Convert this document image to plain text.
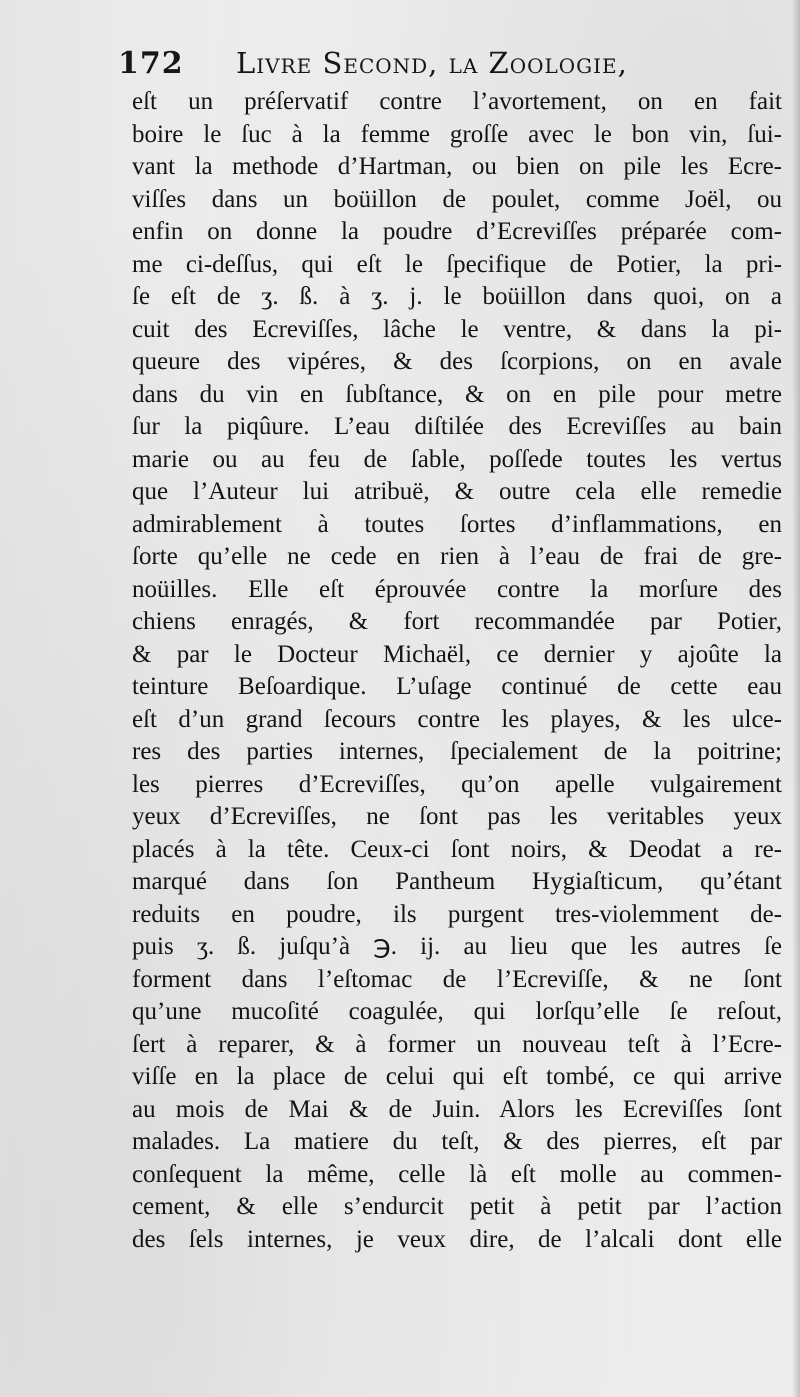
172 Livre Second, la Zoologie,
eſt un préſervatif contre l’avortement, on en fait
boire le ſuc à la femme groſſe avec le bon vin, ſui-
vant la methode d’Hartman, ou bien on pile les Ecre-
viſſes dans un boüillon de poulet, comme Joël, ou
enfin on donne la poudre d’Ecreviſſes préparée com-
me ci-deſſus, qui eſt le ſpecifique de Potier, la pri-
ſe eſt de ʒ. ß. à ʒ. j. le boüillon dans quoi, on a
cuit des Ecreviſſes, lâche le ventre, & dans la pi-
queure des vipéres, & des ſcorpions, on en avale
dans du vin en ſubſtance, & on en pile pour metre
ſur la piqûure. L’eau diſtilée des Ecreviſſes au bain
marie ou au feu de ſable, poſſede toutes les vertus
que l’Auteur lui atribuë, & outre cela elle remedie
admirablement à toutes ſortes d’inflammations, en
ſorte qu’elle ne cede en rien à l’eau de frai de gre-
noüilles. Elle eſt éprouvée contre la morſure des
chiens enragés, & fort recommandée par Potier,
& par le Docteur Michaël, ce dernier y ajoûte la
teinture Beſoardique. L’uſage continué de cette eau
eſt d’un grand ſecours contre les playes, & les ulce-
res des parties internes, ſpecialement de la poitrine;
les pierres d’Ecreviſſes, qu’on apelle vulgairement
yeux d’Ecreviſſes, ne ſont pas les veritables yeux
placés à la tête. Ceux-ci ſont noirs, & Deodat a re-
marqué dans ſon Pantheum Hygiaſticum, qu’étant
reduits en poudre, ils purgent tres-violemment de-
puis ʒ. ß. juſqu’à ℈. ij. au lieu que les autres ſe
forment dans l’eſtomac de l’Ecreviſſe, & ne ſont
qu’une mucoſité coagulée, qui lorſqu’elle ſe reſout,
ſert à reparer, & à former un nouveau teſt à l’Ecre-
viſſe en la place de celui qui eſt tombé, ce qui arrive
au mois de Mai & de Juin. Alors les Ecreviſſes ſont
malades. La matiere du teſt, & des pierres, eſt par
conſequent la même, celle là eſt molle au commen-
cement, & elle s’endurcit petit à petit par l’action
des ſels internes, je veux dire, de l’alcali dont elle
